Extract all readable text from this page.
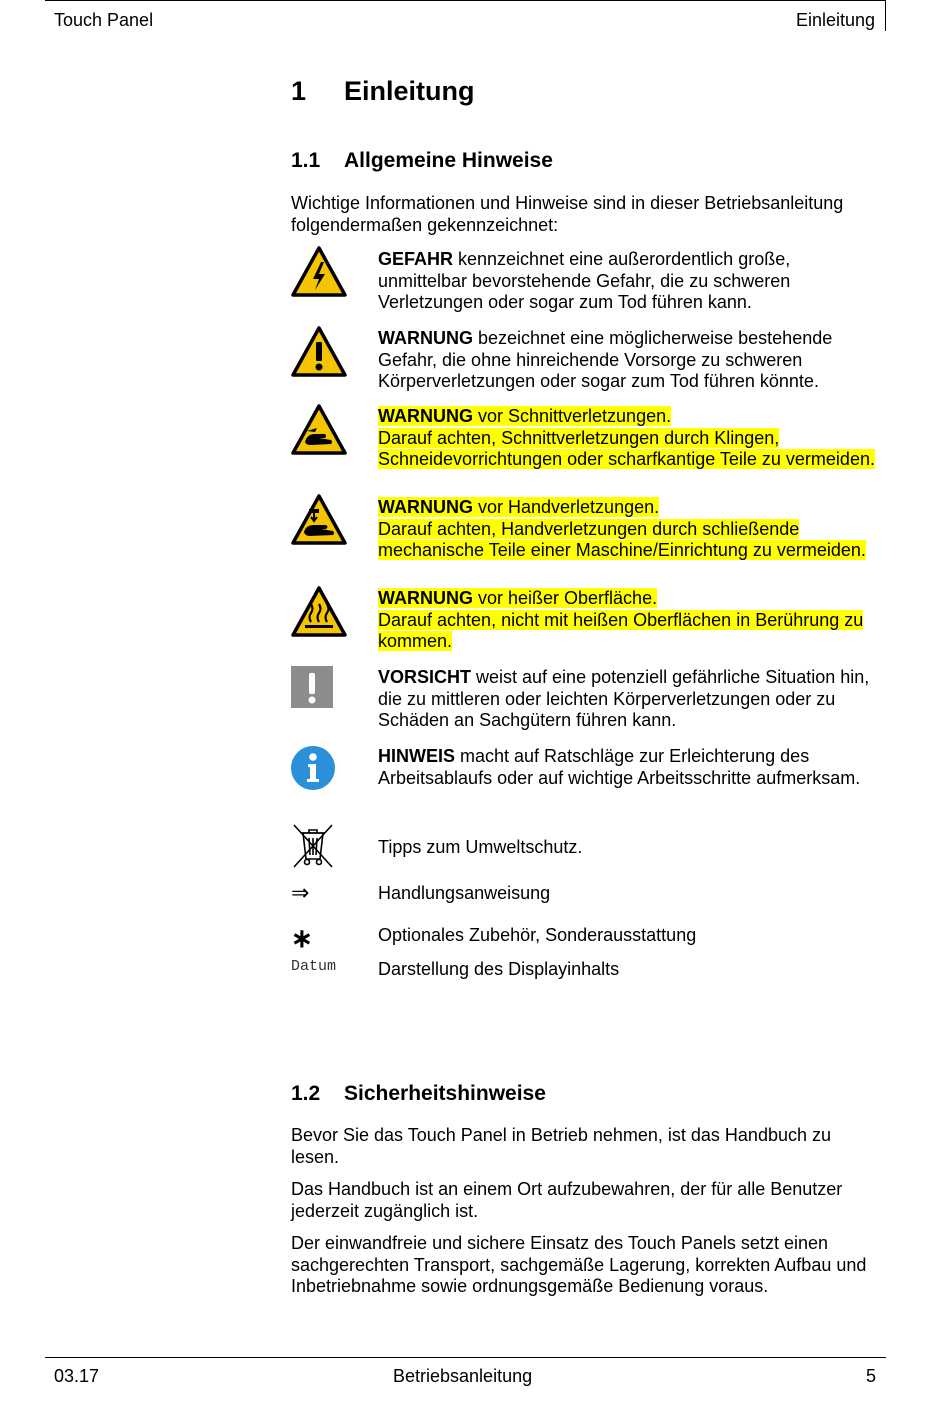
Touch Panel	Einleitung
1 Einleitung
1.1 Allgemeine Hinweise
Wichtige Informationen und Hinweise sind in dieser Betriebsanleitung folgendermaßen gekennzeichnet:
GEFAHR kennzeichnet eine außerordentlich große, unmittelbar bevorstehende Gefahr, die zu schweren Verletzungen oder sogar zum Tod führen kann.
WARNUNG bezeichnet eine möglicherweise bestehende Gefahr, die ohne hinreichende Vorsorge zu schweren Körperverletzungen oder sogar zum Tod führen könnte.
WARNUNG vor Schnittverletzungen.
Darauf achten, Schnittverletzungen durch Klingen, Schneidevorrichtungen oder scharfkantige Teile zu vermeiden.
WARNUNG vor Handverletzungen.
Darauf achten, Handverletzungen durch schließende mechanische Teile einer Maschine/Einrichtung zu vermeiden.
WARNUNG vor heißer Oberfläche.
Darauf achten, nicht mit heißen Oberflächen in Berührung zu kommen.
VORSICHT weist auf eine potenziell gefährliche Situation hin, die zu mittleren oder leichten Körperverletzungen oder zu Schäden an Sachgütern führen kann.
HINWEIS macht auf Ratschläge zur Erleichterung des Arbeitsablaufs oder auf wichtige Arbeitsschritte aufmerksam.
Tipps zum Umweltschutz.
⇒	Handlungsanweisung
∗	Optionales Zubehör, Sonderausstattung
Datum Darstellung des Displayinhalts
1.2 Sicherheitshinweise
Bevor Sie das Touch Panel in Betrieb nehmen, ist das Handbuch zu lesen.
Das Handbuch ist an einem Ort aufzubewahren, der für alle Benutzer jederzeit zugänglich ist.
Der einwandfreie und sichere Einsatz des Touch Panels setzt einen sachgerechten Transport, sachgemäße Lagerung, korrekten Aufbau und Inbetriebnahme sowie ordnungsgemäße Bedienung voraus.
03.17	Betriebsanleitung	5
